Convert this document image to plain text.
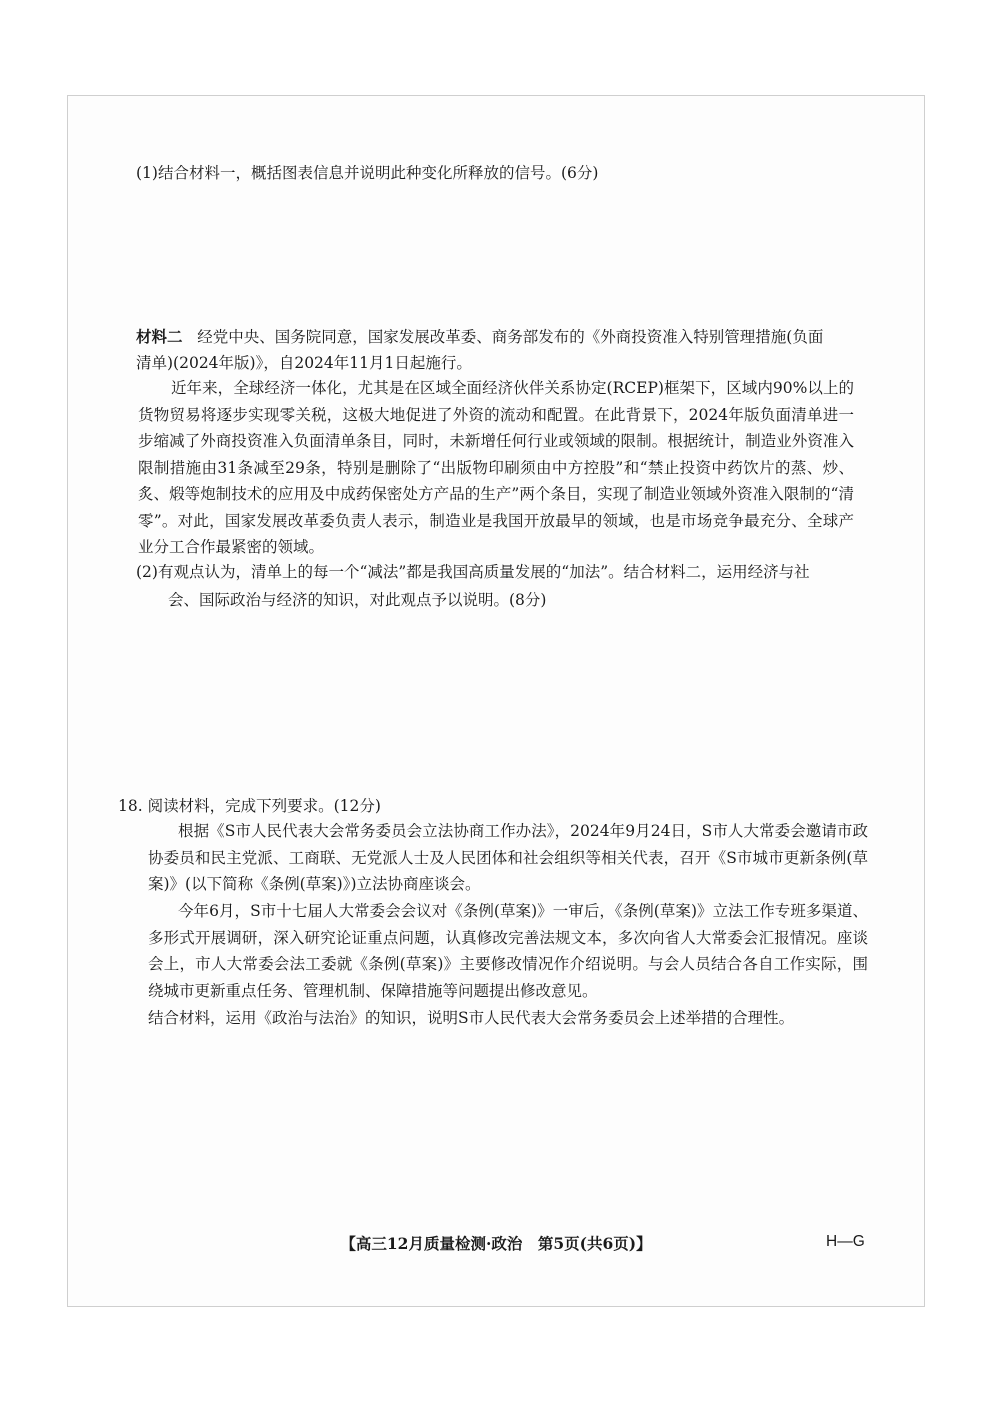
(1)结合材料一，概括图表信息并说明此种变化所释放的信号。(6分)
材料二 经党中央、国务院同意，国家发展改革委、商务部发布的《外商投资准入特别管理措施(负面
清单)(2024年版)》，自2024年11月1日起施行。
近年来，全球经济一体化，尤其是在区域全面经济伙伴关系协定(RCEP)框架下，区域内90%以上的货物贸易将逐步实现零关税，这极大地促进了外资的流动和配置。在此背景下，2024年版负面清单进一步缩减了外商投资准入负面清单条目，同时，未新增任何行业或领域的限制。根据统计，制造业外资准入限制措施由31条减至29条，特别是删除了“出版物印刷须由中方控股”和“禁止投资中药饮片的蒸、炒、炙、煅等炮制技术的应用及中成药保密处方产品的生产”两个条目，实现了制造业领域外资准入限制的“清零”。对此，国家发展改革委负责人表示，制造业是我国开放最早的领域，也是市场竞争最充分、全球产业分工合作最紧密的领域。
(2)有观点认为，清单上的每一个“减法”都是我国高质量发展的“加法”。结合材料二，运用经济与社
会、国际政治与经济的知识，对此观点予以说明。(8分)
18. 阅读材料，完成下列要求。(12分)
根据《S市人民代表大会常务委员会立法协商工作办法》，2024年9月24日，S市人大常委会邀请市政协委员和民主党派、工商联、无党派人士及人民团体和社会组织等相关代表，召开《S市城市更新条例(草案)》(以下简称《条例(草案)》)立法协商座谈会。
今年6月，S市十七届人大常委会会议对《条例(草案)》一审后，《条例(草案)》立法工作专班多渠道、多形式开展调研，深入研究论证重点问题，认真修改完善法规文本，多次向省人大常委会汇报情况。座谈会上，市人大常委会法工委就《条例(草案)》主要修改情况作介绍说明。与会人员结合各自工作实际，围绕城市更新重点任务、管理机制、保障措施等问题提出修改意见。
结合材料，运用《政治与法治》的知识，说明S市人民代表大会常务委员会上述举措的合理性。
【高三12月质量检测·政治　第5页(共6页)】	H—G
